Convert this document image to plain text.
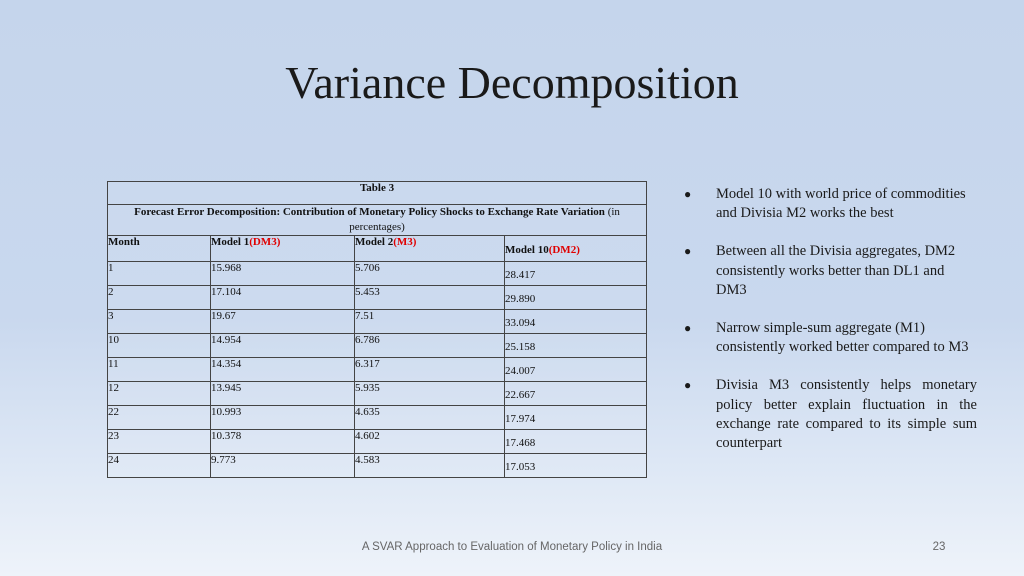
Variance Decomposition
Table 3			
Forecast Error Decomposition: Contribution of Monetary Policy Shocks to Exchange Rate Variation (in percentages)			
Month	Model 1(DM3)	Model 2(M3)	Model 10(DM2)
1	15.968	5.706	28.417
2	17.104	5.453	29.890
3	19.67	7.51	33.094
10	14.954	6.786	25.158
11	14.354	6.317	24.007
12	13.945	5.935	22.667
22	10.993	4.635	17.974
23	10.378	4.602	17.468
24	9.773	4.583	17.053
● Model 10 with world price of commodities and Divisia M2 works the best
● Between all the Divisia aggregates, DM2 consistently works better than DL1 and DM3
● Narrow simple-sum aggregate (M1) consistently worked better compared to M3
● Divisia M3 consistently helps monetary policy better explain fluctuation in the exchange rate compared to its simple sum counterpart
A SVAR Approach to Evaluation of Monetary Policy in India	23
